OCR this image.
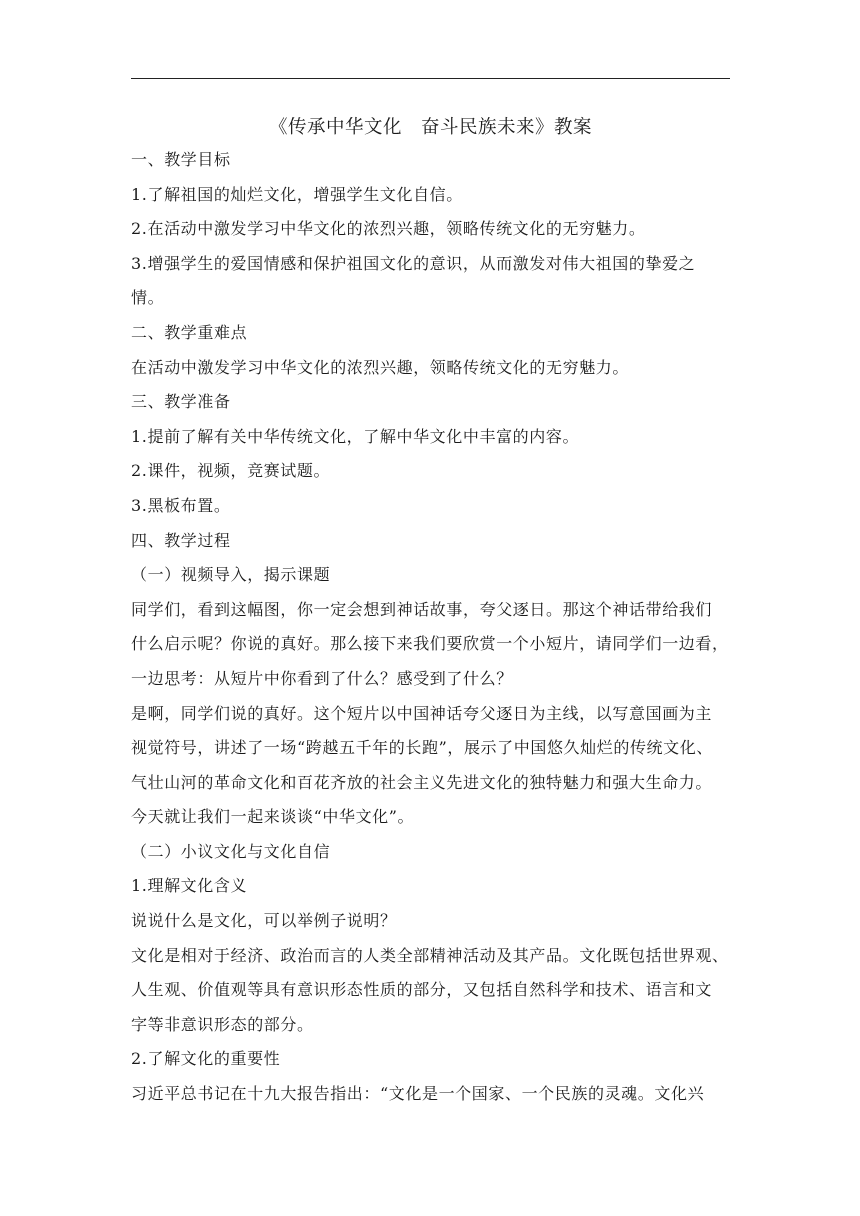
《传承中华文化　奋斗民族未来》教案
一、教学目标
1.了解祖国的灿烂文化，增强学生文化自信。
2.在活动中激发学习中华文化的浓烈兴趣，领略传统文化的无穷魅力。
3.增强学生的爱国情感和保护祖国文化的意识，从而激发对伟大祖国的挚爱之
情。
二、教学重难点
在活动中激发学习中华文化的浓烈兴趣，领略传统文化的无穷魅力。
三、教学准备
1.提前了解有关中华传统文化，了解中华文化中丰富的内容。
2.课件，视频，竞赛试题。
3.黑板布置。
四、教学过程
（一）视频导入，揭示课题
同学们，看到这幅图，你一定会想到神话故事，夸父逐日。那这个神话带给我们
什么启示呢？你说的真好。那么接下来我们要欣赏一个小短片，请同学们一边看，
一边思考：从短片中你看到了什么？感受到了什么？
是啊，同学们说的真好。这个短片以中国神话夸父逐日为主线，以写意国画为主
视觉符号，讲述了一场“跨越五千年的长跑”，展示了中国悠久灿烂的传统文化、
气壮山河的革命文化和百花齐放的社会主义先进文化的独特魅力和强大生命力。
今天就让我们一起来谈谈“中华文化”。
（二）小议文化与文化自信
1.理解文化含义
说说什么是文化，可以举例子说明？
文化是相对于经济、政治而言的人类全部精神活动及其产品。文化既包括世界观、
人生观、价值观等具有意识形态性质的部分，又包括自然科学和技术、语言和文
字等非意识形态的部分。
2.了解文化的重要性
习近平总书记在十九大报告指出：“文化是一个国家、一个民族的灵魂。文化兴
